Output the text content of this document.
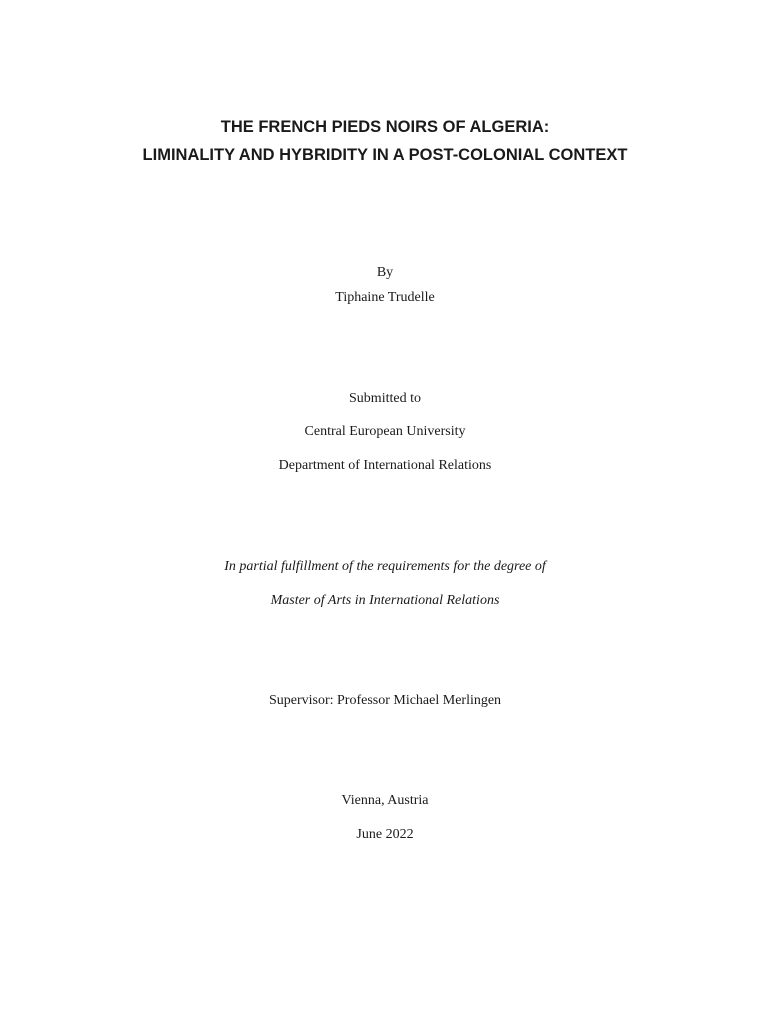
THE FRENCH PIEDS NOIRS OF ALGERIA:
LIMINALITY AND HYBRIDITY IN A POST-COLONIAL CONTEXT
By
Tiphaine Trudelle
Submitted to
Central European University
Department of International Relations
In partial fulfillment of the requirements for the degree of
Master of Arts in International Relations
Supervisor: Professor Michael Merlingen
Vienna, Austria
June 2022
